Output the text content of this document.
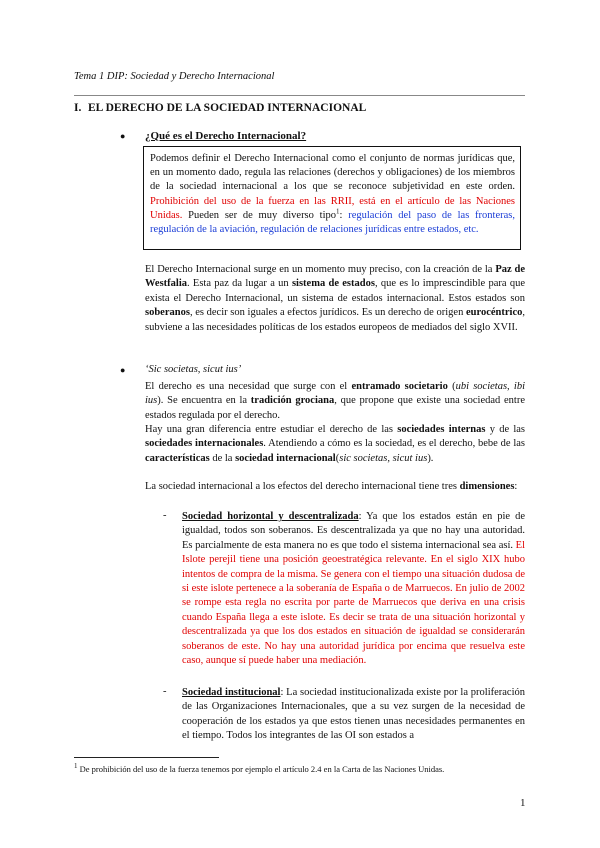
Tema 1 DIP: Sociedad y Derecho Internacional
I. EL DERECHO DE LA SOCIEDAD INTERNACIONAL
● ¿Qué es el Derecho Internacional?
Podemos definir el Derecho Internacional como el conjunto de normas jurídicas que, en un momento dado, regula las relaciones (derechos y obligaciones) de los miembros de la sociedad internacional a los que se reconoce subjetividad en este orden. Prohibición del uso de la fuerza en las RRII, está en el artículo de las Naciones Unidas. Pueden ser de muy diverso tipo$^1$: regulación del paso de las fronteras, regulación de la aviación, regulación de relaciones jurídicas entre estados, etc.
El Derecho Internacional surge en un momento muy preciso, con la creación de la Paz de Westfalia. Esta paz da lugar a un sistema de estados, que es lo imprescindible para que exista el Derecho Internacional, un sistema de estados internacional. Estos estados son soberanos, es decir son iguales a efectos jurídicos. Es un derecho de origen eurocéntrico, subviene a las necesidades políticas de los estados europeos de mediados del siglo XVII.
● ‘Sic societas, sicut ius’
El derecho es una necesidad que surge con el entramado societario (ubi societas, ibi ius). Se encuentra en la tradición grociana, que propone que existe una sociedad entre estados regulada por el derecho.
Hay una gran diferencia entre estudiar el derecho de las sociedades internas y de las sociedades internacionales. Atendiendo a cómo es la sociedad, es el derecho, bebe de las características de la sociedad internacional(sic societas, sicut ius).
La sociedad internacional a los efectos del derecho internacional tiene tres dimensiones:
- Sociedad horizontal y descentralizada: Ya que los estados están en pie de igualdad, todos son soberanos. Es descentralizada ya que no hay una autoridad. Es parcialmente de esta manera no es que todo el sistema internacional sea así. El Islote perejil tiene una posición geoestratégica relevante. En el siglo XIX hubo intentos de compra de la misma. Se genera con el tiempo una situación dudosa de si este islote pertenece a la soberanía de España o de Marruecos. En julio de 2002 se rompe esta regla no escrita por parte de Marruecos que deriva en una crisis cuando España llega a este islote. Es decir se trata de una situación horizontal y descentralizada ya que los dos estados en situación de igualdad se considerarán soberanos de este. No hay una autoridad jurídica por encima que resuelva este caso, aunque sí puede haber una mediación.
- Sociedad institucional: La sociedad institucionalizada existe por la proliferación de las Organizaciones Internacionales, que a su vez surgen de la necesidad de cooperación de los estados ya que estos tienen unas necesidades permanentes en el tiempo. Todos los integrantes de las OI son estados a
$^1$ De prohibición del uso de la fuerza tenemos por ejemplo el artículo 2.4 en la Carta de las Naciones Unidas.
1
